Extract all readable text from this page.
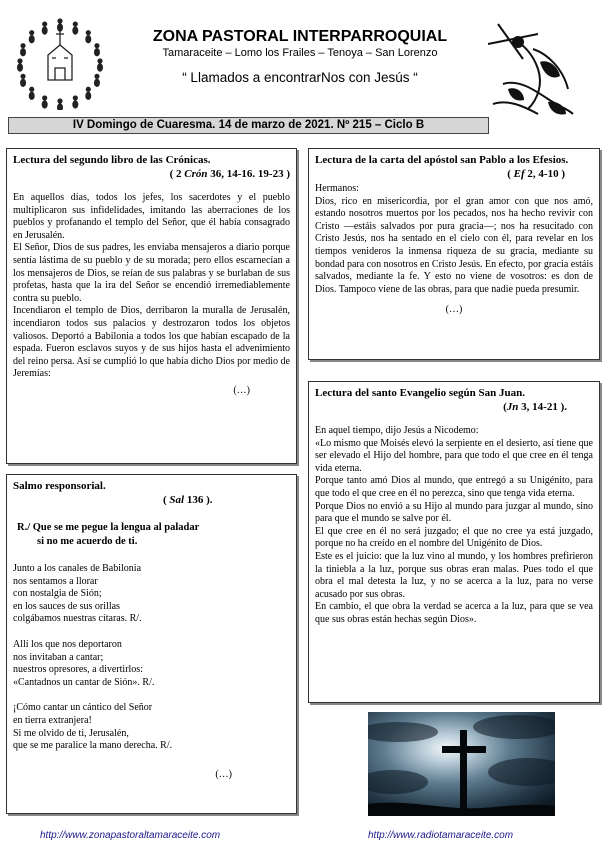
ZONA PASTORAL INTERPARROQUIAL
Tamaraceite – Lomo los Frailes – Tenoya – San Lorenzo
“ Llamados a encontrarNos con Jesús “
IV Domingo de Cuaresma. 14 de marzo de 2021. Nº 215 – Ciclo B
Lectura del segundo libro de las Crónicas.
( 2 Crón 36, 14-16. 19-23 )

En aquellos días, todos los jefes, los sacerdotes y el pueblo multiplicaron sus infidelidades, imitando las aberraciones de los pueblos y profanando el templo del Señor, que él había consagrado en Jerusalén.

El Señor, Dios de sus padres, les enviaba mensajeros a diario porque sentía lástima de su pueblo y de su morada; pero ellos escarnecían a los mensajeros de Dios, se reían de sus palabras y se burlaban de sus profetas, hasta que la ira del Señor se encendió irremediablemente contra su pueblo.

Incendiaron el templo de Dios, derribaron la muralla de Jerusalén, incendiaron todos sus palacios y destrozaron todos los objetos valiosos. Deportó a Babilonia a todos los que habían escapado de la espada. Fueron esclavos suyos y de sus hijos hasta el advenimiento del reino persa. Así se cumplió lo que había dicho Dios por medio de Jeremías:

(…)
Lectura de la carta del apóstol san Pablo a los Efesios.
( Ef 2, 4-10 )

Hermanos:

Dios, rico en misericordia, por el gran amor con que nos amó, estando nosotros muertos por los pecados, nos ha hecho revivir con Cristo —estáis salvados por pura gracia—; nos ha resucitado con Cristo Jesús, nos ha sentado en el cielo con él, para revelar en los tiempos venideros la inmensa riqueza de su gracia, mediante su bondad para con nosotros en Cristo Jesús. En efecto, por gracia estáis salvados, mediante la fe. Y esto no viene de vosotros: es don de Dios. Tampoco viene de las obras, para que nadie pueda presumir.

(…)
Salmo responsorial.
( Sal 136 ).
R./ Que se me pegue la lengua al paladar
si no me acuerdo de ti.

Junto a los canales de Babilonia

nos sentamos a llorar

con nostalgia de Sión;

en los sauces de sus orillas

colgábamos nuestras cítaras. R/.

Allí los que nos deportaron

nos invitaban a cantar;

nuestros opresores, a divertirlos:

«Cantadnos un cantar de Sión». R/.

¡Cómo cantar un cántico del Señor

en tierra extranjera!

Si me olvido de ti, Jerusalén,

que se me paralice la mano derecha. R/.

(…)
Lectura del santo Evangelio según San Juan.
(Jn 3, 14-21 ).

En aquel tiempo, dijo Jesús a Nicodemo:

«Lo mismo que Moisés elevó la serpiente en el desierto, así tiene que ser elevado el Hijo del hombre, para que todo el que cree en él tenga vida eterna.

Porque tanto amó Dios al mundo, que entregó a su Unigénito, para que todo el que cree en él no perezca, sino que tenga vida eterna.

Porque Dios no envió a su Hijo al mundo para juzgar al mundo, sino para que el mundo se salve por él.

El que cree en él no será juzgado; el que no cree ya está juzgado, porque no ha creído en el nombre del Unigénito de Dios.

Este es el juicio: que la luz vino al mundo, y los hombres prefirieron la tiniebla a la luz, porque sus obras eran malas. Pues todo el que obra el mal detesta la luz, y no se acerca a la luz, para no verse acusado por sus obras.

En cambio, el que obra la verdad se acerca a la luz, para que se vea que sus obras están hechas según Dios».

http://www.zonapastoraltamaraceite.com	http://www.radiotamaraceite.com
